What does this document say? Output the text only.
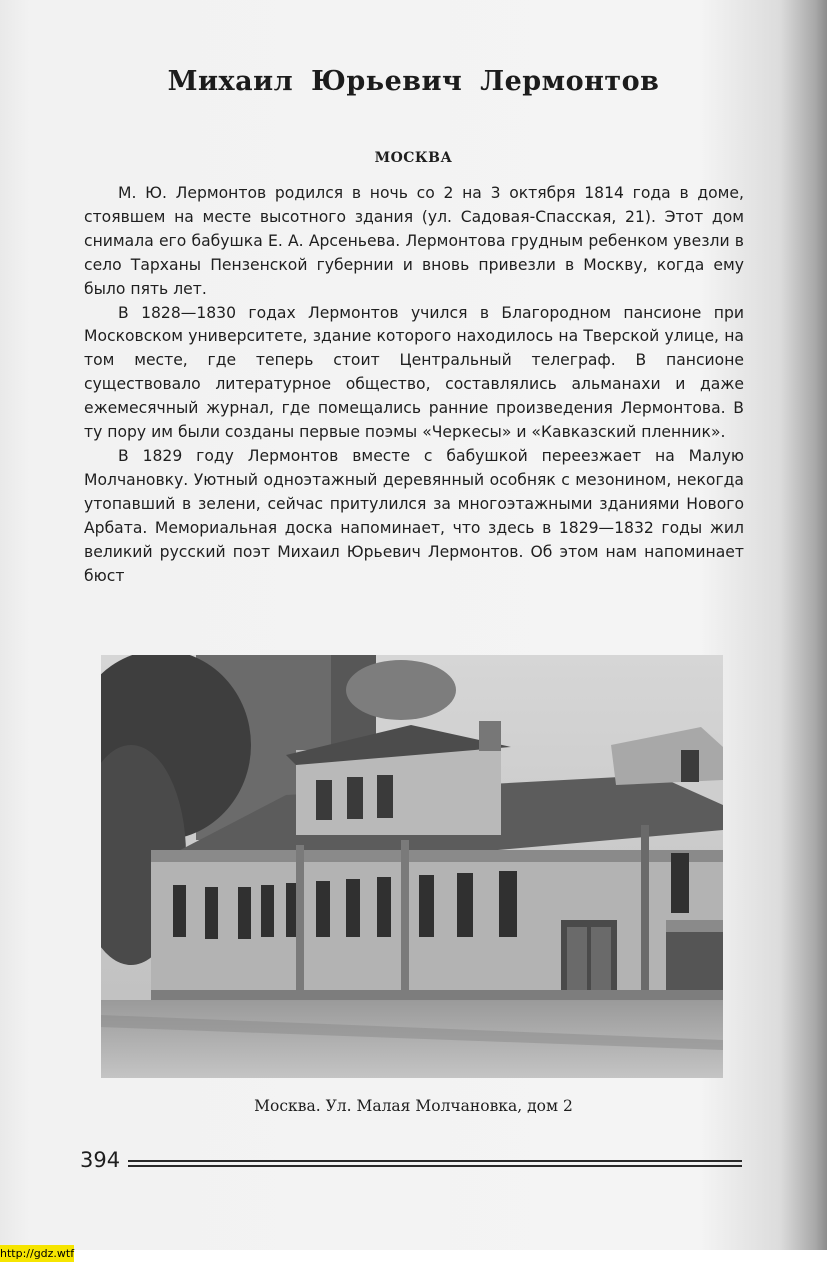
Михаил Юрьевич Лермонтов
МОСКВА

М. Ю. Лермонтов родился в ночь со 2 на 3 октября 1814 года в доме, стоявшем на месте высотного здания (ул. Садовая-Спасская, 21). Этот дом снимала его бабушка Е. А. Арсеньева. Лермонтова грудным ребенком увезли в село Тарханы Пензенской губернии и вновь привезли в Москву, когда ему было пять лет.

В 1828—1830 годах Лермонтов учился в Благородном пансионе при Московском университете, здание которого находилось на Тверской улице, на том месте, где теперь стоит Центральный телеграф. В пансионе существовало литературное общество, составлялись альманахи и даже ежемесячный журнал, где помещались ранние произведения Лермонтова. В ту пору им были созданы первые поэмы «Черкесы» и «Кавказский пленник».

В 1829 году Лермонтов вместе с бабушкой переезжает на Малую Молчановку. Уютный одноэтажный деревянный особняк с мезонином, некогда утопавший в зелени, сейчас притулился за многоэтажными зданиями Нового Арбата. Мемориальная доска напоминает, что здесь в 1829—1832 годы жил великий русский поэт Михаил Юрьевич Лермонтов. Об этом нам напоминает бюст

Москва. Ул. Малая Молчановка, дом 2
394
http://gdz.wtf
